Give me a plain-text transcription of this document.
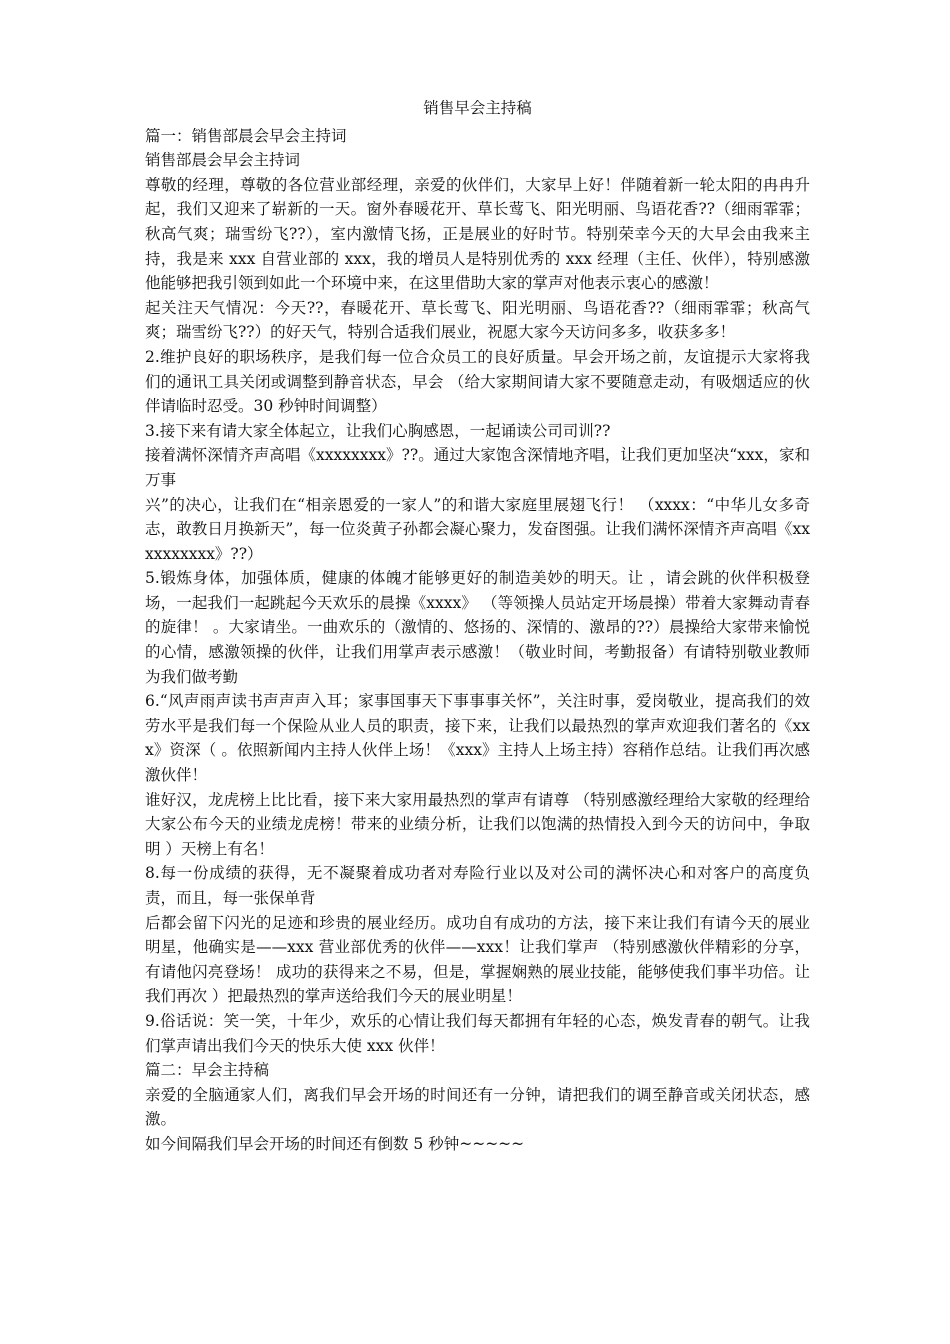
销售早会主持稿

篇一：销售部晨会早会主持词

销售部晨会早会主持词

尊敬的经理，尊敬的各位营业部经理，亲爱的伙伴们，大家早上好！伴随着新一轮太阳的冉冉升起，我们又迎来了崭新的一天。窗外春暖花开、草长莺飞、阳光明丽、鸟语花香??（细雨霏霏；秋高气爽；瑞雪纷飞??），室内激情飞扬，正是展业的好时节。特别荣幸今天的大早会由我来主持，我是来 xxx 自营业部的 xxx，我的增员人是特别优秀的 xxx 经理（主任、伙伴），特别感激他能够把我引领到如此一个环境中来，在这里借助大家的掌声对他表示衷心的感激！

起关注天气情况：今天??，春暖花开、草长莺飞、阳光明丽、鸟语花香??（细雨霏霏；秋高气爽；瑞雪纷飞??）的好天气，特别合适我们展业，祝愿大家今天访问多多，收获多多！

2.维护良好的职场秩序，是我们每一位合众员工的良好质量。早会开场之前，友谊提示大家将我们的通讯工具关闭或调整到静音状态，早会 （给大家期间请大家不要随意走动，有吸烟适应的伙伴请临时忍受。30 秒钟时间调整）

3.接下来有请大家全体起立，让我们心胸感恩，一起诵读公司司训??

接着满怀深情齐声高唱《xxxxxxxx》??。通过大家饱含深情地齐唱，让我们更加坚决“xxx，家和万事

兴”的决心，让我们在“相亲恩爱的一家人”的和谐大家庭里展翅飞行！ （xxxx：“中华儿女多奇志，敢教日月换新天”，每一位炎黄子孙都会凝心聚力，发奋图强。让我们满怀深情齐声高唱《xxxxxxxxxx》??）

5.锻炼身体，加强体质，健康的体魄才能够更好的制造美妙的明天。让 ，请会跳的伙伴积极登场，一起我们一起跳起今天欢乐的晨操《xxxx》 （等领操人员站定开场晨操）带着大家舞动青春的旋律！ 。大家请坐。一曲欢乐的（激情的、悠扬的、深情的、激昂的??）晨操给大家带来愉悦的心情，感激领操的伙伴，让我们用掌声表示感激！（敬业时间，考勤报备）有请特别敬业教师为我们做考勤

6.“风声雨声读书声声声入耳；家事国事天下事事事关怀”，关注时事，爱岗敬业，提高我们的效劳水平是我们每一个保险从业人员的职责，接下来，让我们以最热烈的掌声欢迎我们著名的《xxx》资深（ 。依照新闻内主持人伙伴上场！《xxx》主持人上场主持）容稍作总结。让我们再次感激伙伴！

谁好汉，龙虎榜上比比看，接下来大家用最热烈的掌声有请尊 （特别感激经理给大家敬的经理给大家公布今天的业绩龙虎榜！带来的业绩分析，让我们以饱满的热情投入到今天的访问中，争取明 ）天榜上有名！

8.每一份成绩的获得，无不凝聚着成功者对寿险行业以及对公司的满怀决心和对客户的高度负责，而且，每一张保单背

后都会留下闪光的足迹和珍贵的展业经历。成功自有成功的方法，接下来让我们有请今天的展业明星，他确实是——xxx 营业部优秀的伙伴——xxx！让我们掌声 （特别感激伙伴精彩的分享，有请他闪亮登场！ 成功的获得来之不易，但是，掌握娴熟的展业技能，能够使我们事半功倍。让我们再次 ）把最热烈的掌声送给我们今天的展业明星！

9.俗话说：笑一笑，十年少，欢乐的心情让我们每天都拥有年轻的心态，焕发青春的朝气。让我们掌声请出我们今天的快乐大使 xxx 伙伴！

篇二：早会主持稿

亲爱的全脑通家人们，离我们早会开场的时间还有一分钟，请把我们的调至静音或关闭状态，感激。

如今间隔我们早会开场的时间还有倒数 5 秒钟~~~~~
